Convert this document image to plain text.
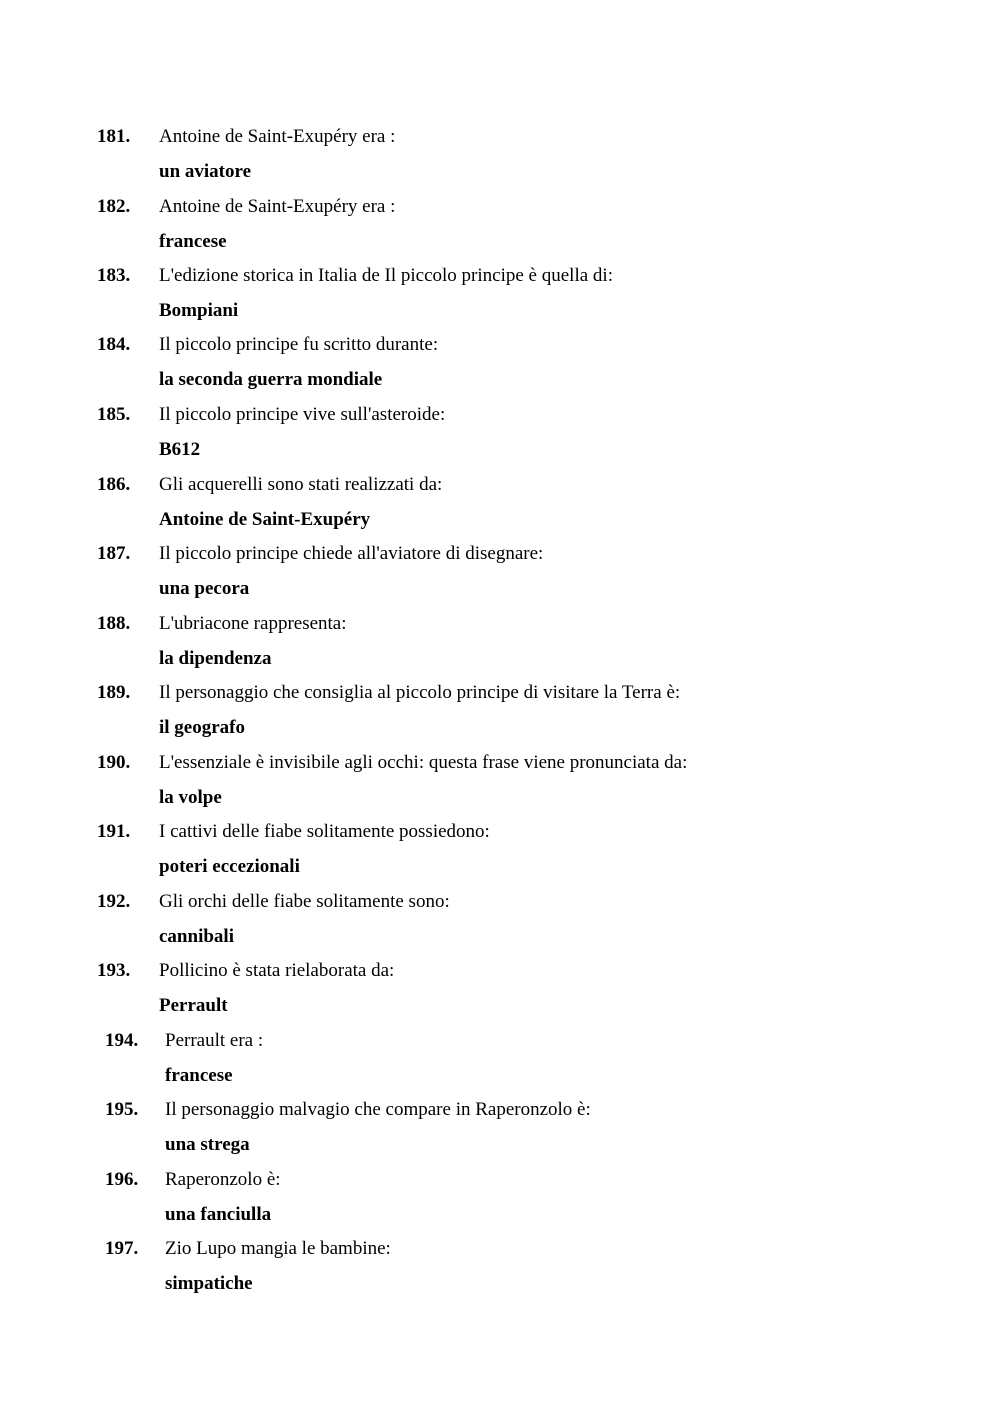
181. Antoine de Saint-Exupéry era :
un aviatore
182. Antoine de Saint-Exupéry era :
francese
183. L'edizione storica in Italia de Il piccolo principe è quella di:
Bompiani
184. Il piccolo principe fu scritto durante:
la seconda guerra mondiale
185. Il piccolo principe vive sull'asteroide:
B612
186. Gli acquerelli sono stati realizzati da:
Antoine de Saint-Exupéry
187. Il piccolo principe chiede all'aviatore di disegnare:
una pecora
188. L'ubriacone rappresenta:
la dipendenza
189. Il personaggio che consiglia al piccolo principe di visitare la Terra è:
il geografo
190. L'essenziale è invisibile agli occhi: questa frase viene pronunciata da:
la volpe
191. I cattivi delle fiabe solitamente possiedono:
poteri eccezionali
192. Gli orchi delle fiabe solitamente sono:
cannibali
193. Pollicino è stata rielaborata da:
Perrault
194. Perrault era :
francese
195. Il personaggio malvagio che compare in Raperonzolo è:
una strega
196. Raperonzolo è:
una fanciulla
197. Zio Lupo mangia le bambine:
simpatiche
